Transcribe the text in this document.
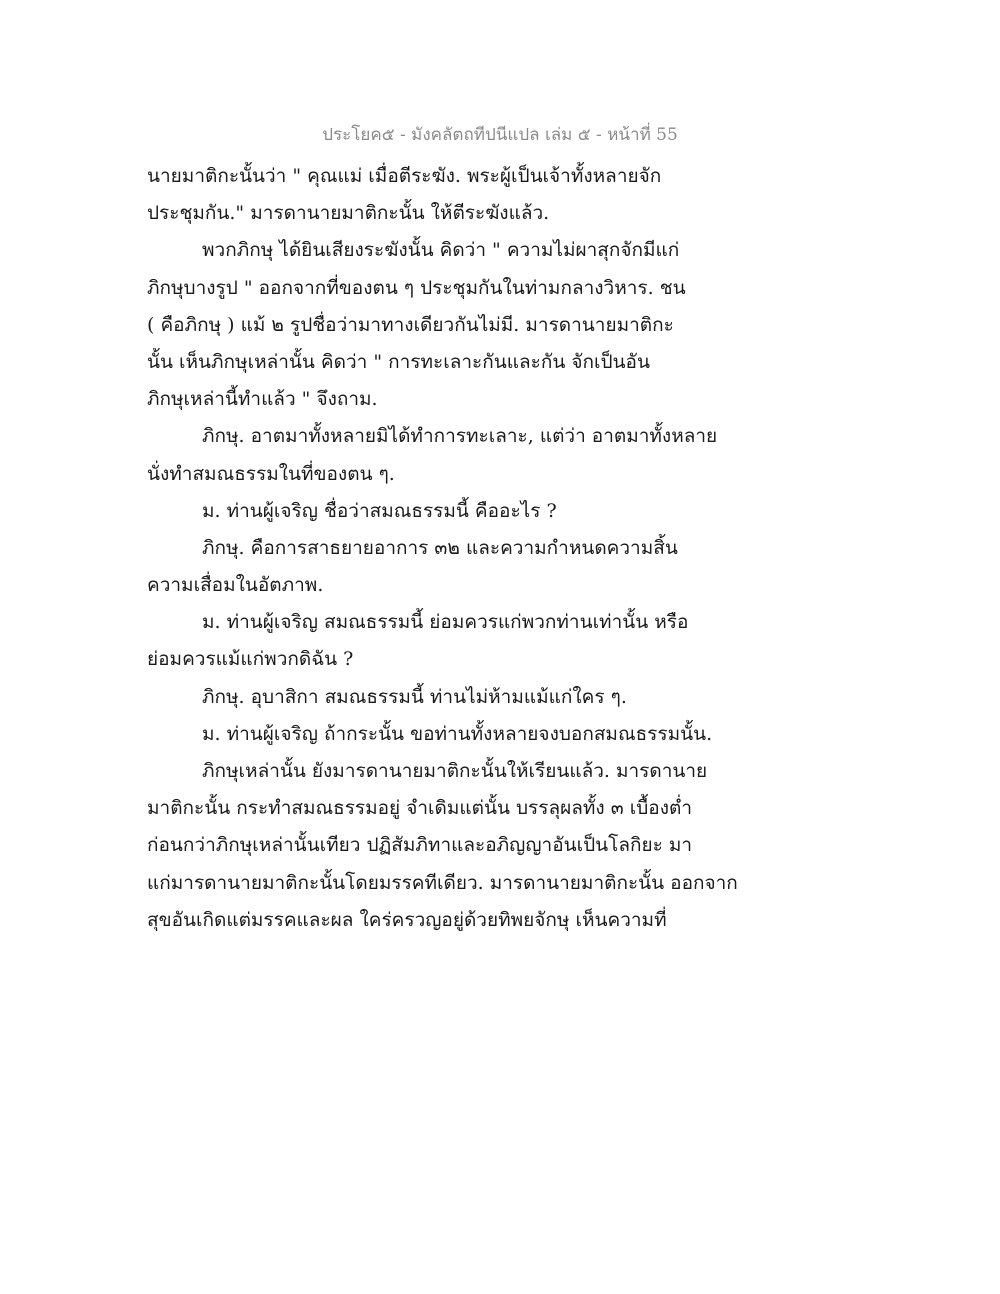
ประโยค๕ - มังคลัตถทีปนีแปล เล่ม ๕ - หน้าที่ 55
นายมาติกะนั้นว่า " คุณแม่ เมื่อตีระฆัง. พระผู้เป็นเจ้าทั้งหลายจัก
ประชุมกัน." มารดานายมาติกะนั้น ให้ตีระฆังแล้ว.
พวกภิกษุ ได้ยินเสียงระฆังนั้น คิดว่า " ความไม่ผาสุกจักมีแก่
ภิกษุบางรูป " ออกจากที่ของตน ๆ ประชุมกันในท่ามกลางวิหาร. ชน
( คือภิกษุ ) แม้ ๒ รูปชื่อว่ามาทางเดียวกันไม่มี. มารดานายมาติกะ
นั้น เห็นภิกษุเหล่านั้น คิดว่า " การทะเลาะกันและกัน จักเป็นอัน
ภิกษุเหล่านี้ทำแล้ว " จึงถาม.
ภิกษุ. อาตมาทั้งหลายมิได้ทำการทะเลาะ, แต่ว่า อาตมาทั้งหลาย
นั่งทำสมณธรรมในที่ของตน ๆ.
ม. ท่านผู้เจริญ ชื่อว่าสมณธรรมนี้ คืออะไร ?
ภิกษุ. คือการสาธยายอาการ ๓๒ และความกำหนดความสิ้น
ความเสื่อมในอัตภาพ.
ม. ท่านผู้เจริญ สมณธรรมนี้ ย่อมควรแก่พวกท่านเท่านั้น หรือ
ย่อมควรแม้แก่พวกดิฉัน ?
ภิกษุ. อุบาสิกา สมณธรรมนี้ ท่านไม่ห้ามแม้แก่ใคร ๆ.
ม. ท่านผู้เจริญ ถ้ากระนั้น ขอท่านทั้งหลายจงบอกสมณธรรมนั้น.
ภิกษุเหล่านั้น ยังมารดานายมาติกะนั้นให้เรียนแล้ว. มารดานาย
มาติกะนั้น กระทำสมณธรรมอยู่ จำเดิมแต่นั้น บรรลุผลทั้ง ๓ เบื้องต่ำ
ก่อนกว่าภิกษุเหล่านั้นเทียว ปฏิสัมภิทาและอภิญญาอันเป็นโลกิยะ มา
แก่มารดานายมาติกะนั้นโดยมรรคทีเดียว. มารดานายมาติกะนั้น ออกจาก
สุขอันเกิดแต่มรรคและผล ใคร่ครวญอยู่ด้วยทิพยจักษุ เห็นความที่
